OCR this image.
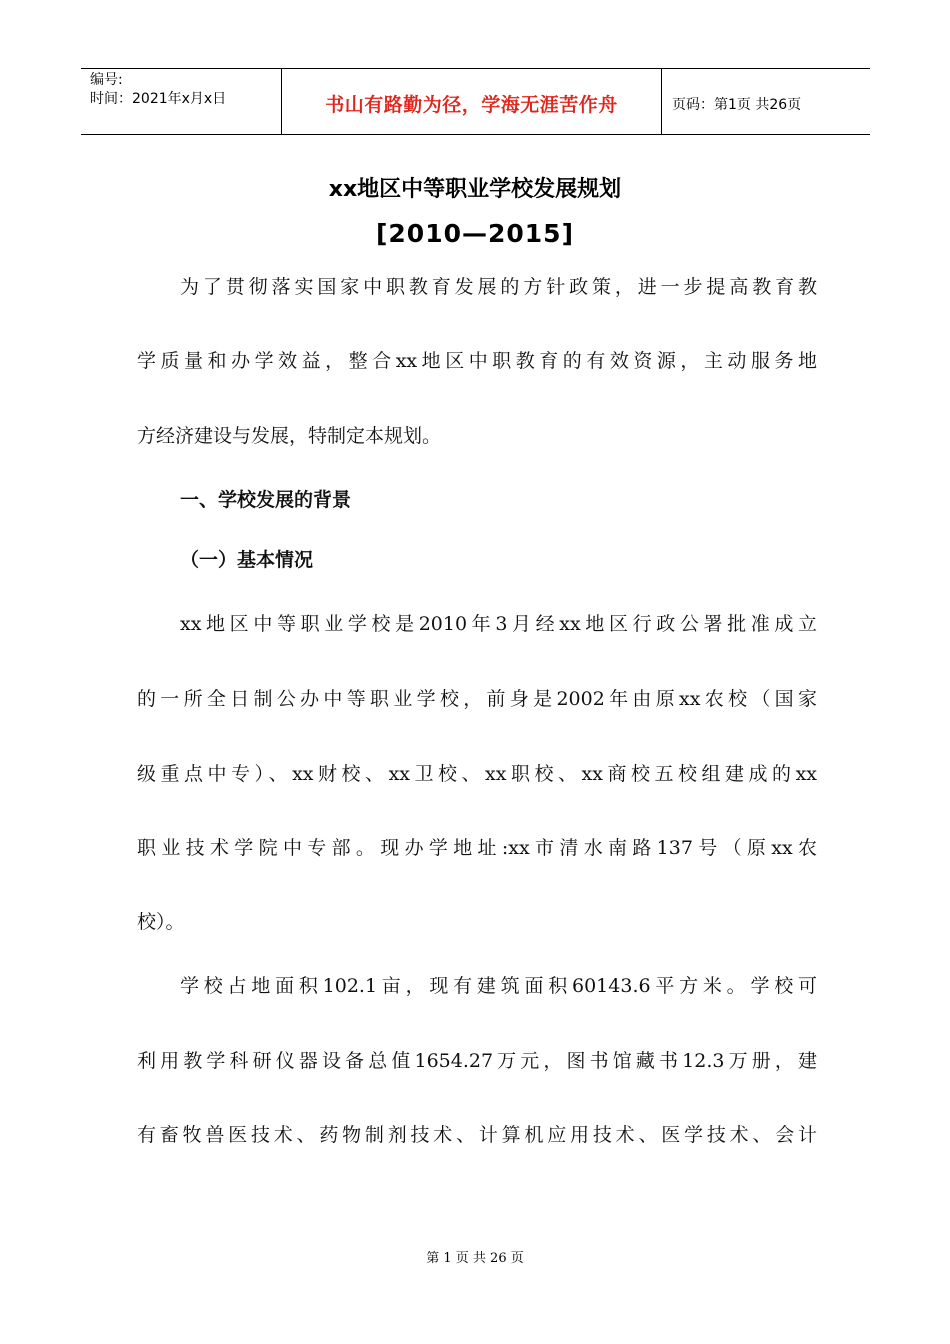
编号:
时间：2021年x月x日	书山有路勤为径，学海无涯苦作舟	页码：第1页 共26页
xx地区中等职业学校发展规划
[2010—2015]
为了贯彻落实国家中职教育发展的方针政策，进一步提高教育教
学质量和办学效益，整合xx地区中职教育的有效资源，主动服务地
方经济建设与发展，特制定本规划。
一、学校发展的背景
（一）基本情况
xx地区中等职业学校是2010年3月经xx地区行政公署批准成立
的一所全日制公办中等职业学校，前身是2002年由原xx农校（国家
级重点中专）、xx财校、xx卫校、xx职校、xx商校五校组建成的xx
职业技术学院中专部。现办学地址:xx市清水南路137号（原xx农
校）。
学校占地面积102.1亩，现有建筑面积60143.6平方米。学校可
利用教学科研仪器设备总值1654.27万元，图书馆藏书12.3万册，建
有畜牧兽医技术、药物制剂技术、计算机应用技术、医学技术、会计
第 1 页 共 26 页
